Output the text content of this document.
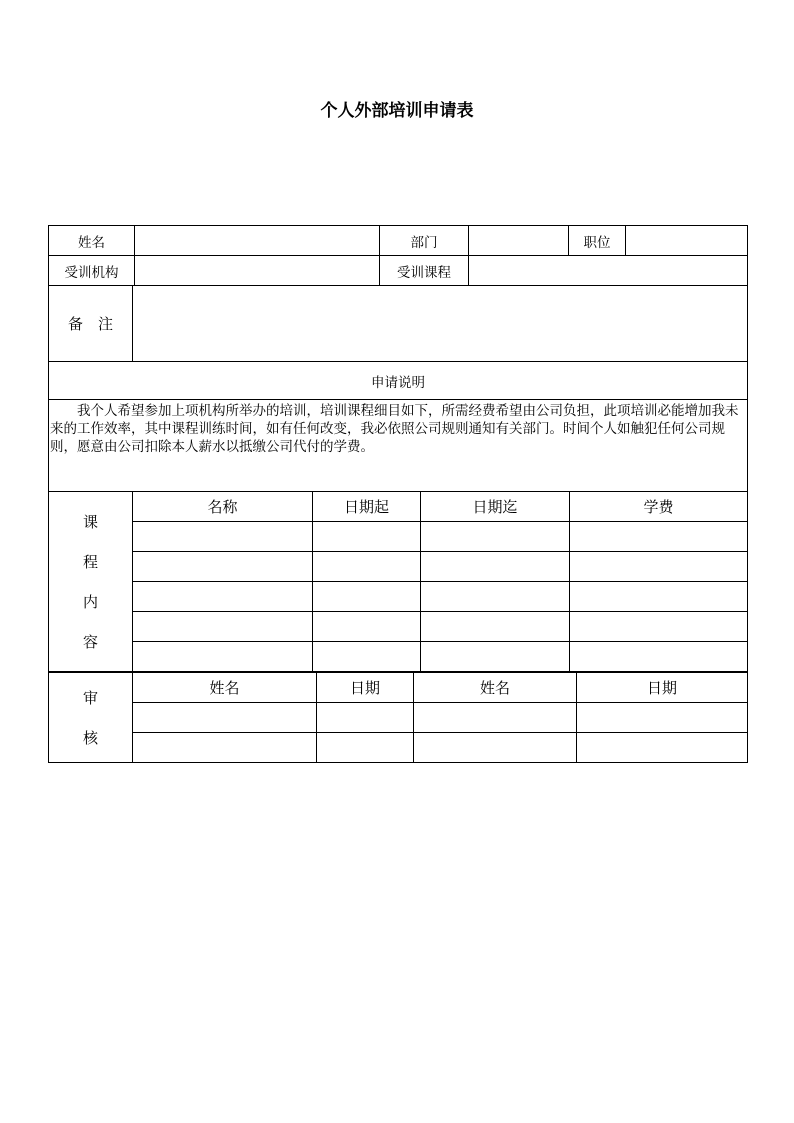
个人外部培训申请表
姓名		部门		职位	
受训机构		受训课程			
备　注	
申请说明
我个人希望参加上项机构所举办的培训，培训课程细目如下，所需经费希望由公司负担，此项培训必能增加我未来的工作效率，其中课程训练时间，如有任何改变，我必依照公司规则通知有关部门。时间个人如触犯任何公司规则，愿意由公司扣除本人薪水以抵缴公司代付的学费。
课
程
内
容	名称	日期起	日期迄	学费

审
核	姓名	日期	姓名	日期
